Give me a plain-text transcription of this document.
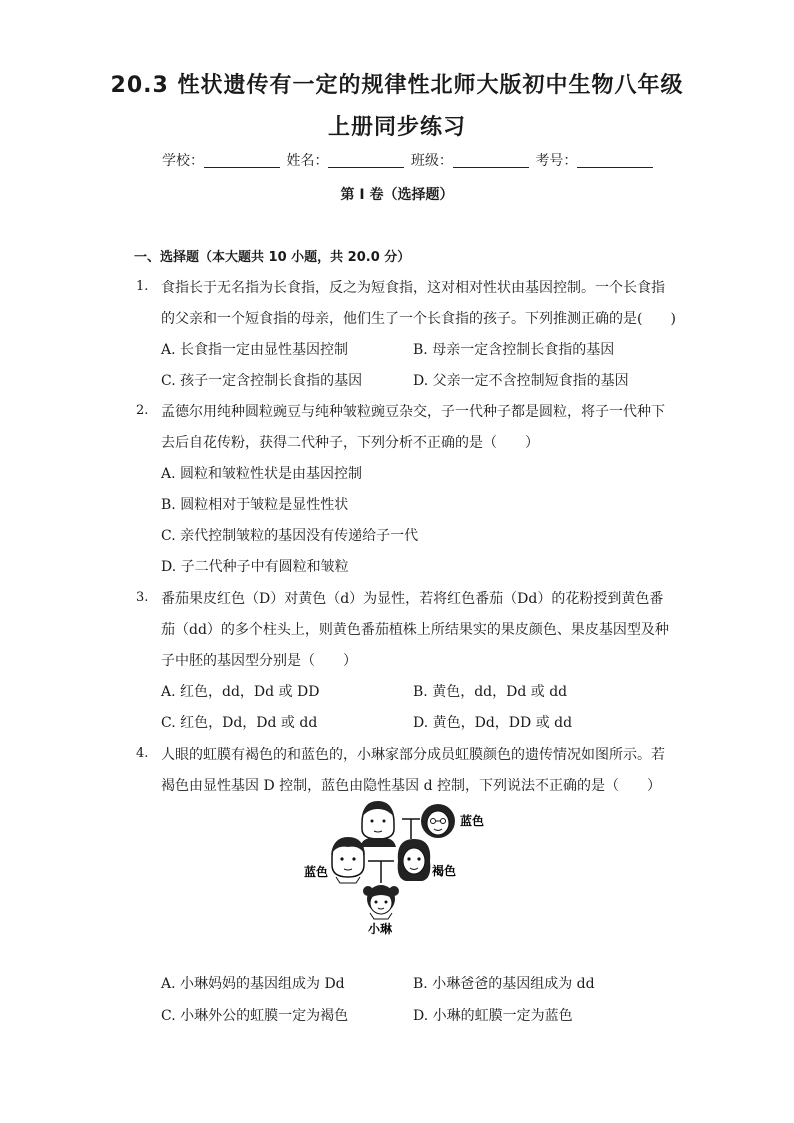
20.3 性状遗传有一定的规律性北师大版初中生物八年级
上册同步练习
学校：	姓名：	班级：	考号：
第 I 卷（选择题）
一、选择题（本大题共 10 小题，共 20.0 分）
1. 食指长于无名指为长食指，反之为短食指，这对相对性状由基因控制。一个长食指
的父亲和一个短食指的母亲，他们生了一个长食指的孩子。下列推测正确的是(　　)
A. 长食指一定由显性基因控制	B. 母亲一定含控制长食指的基因
C. 孩子一定含控制长食指的基因	D. 父亲一定不含控制短食指的基因
2. 孟德尔用纯种圆粒豌豆与纯种皱粒豌豆杂交，子一代种子都是圆粒，将子一代种下
去后自花传粉，获得二代种子，下列分析不正确的是（　　）
A. 圆粒和皱粒性状是由基因控制
B. 圆粒相对于皱粒是显性性状
C. 亲代控制皱粒的基因没有传递给子一代
D. 子二代种子中有圆粒和皱粒
3. 番茄果皮红色（D）对黄色（d）为显性，若将红色番茄（Dd）的花粉授到黄色番
茄（dd）的多个柱头上，则黄色番茄植株上所结果实的果皮颜色、果皮基因型及种
子中胚的基因型分别是（　　）
A. 红色，dd，Dd 或 DD	B. 黄色，dd，Dd 或 dd
C. 红色，Dd，Dd 或 dd	D. 黄色，Dd，DD 或 dd
4. 人眼的虹膜有褐色的和蓝色的，小琳家部分成员虹膜颜色的遗传情况如图所示。若
褐色由显性基因 D 控制，蓝色由隐性基因 d 控制，下列说法不正确的是（　　）
蓝色
蓝色	褐色
小琳
A. 小琳妈妈的基因组成为 Dd	B. 小琳爸爸的基因组成为 dd
C. 小琳外公的虹膜一定为褐色	D. 小琳的虹膜一定为蓝色
